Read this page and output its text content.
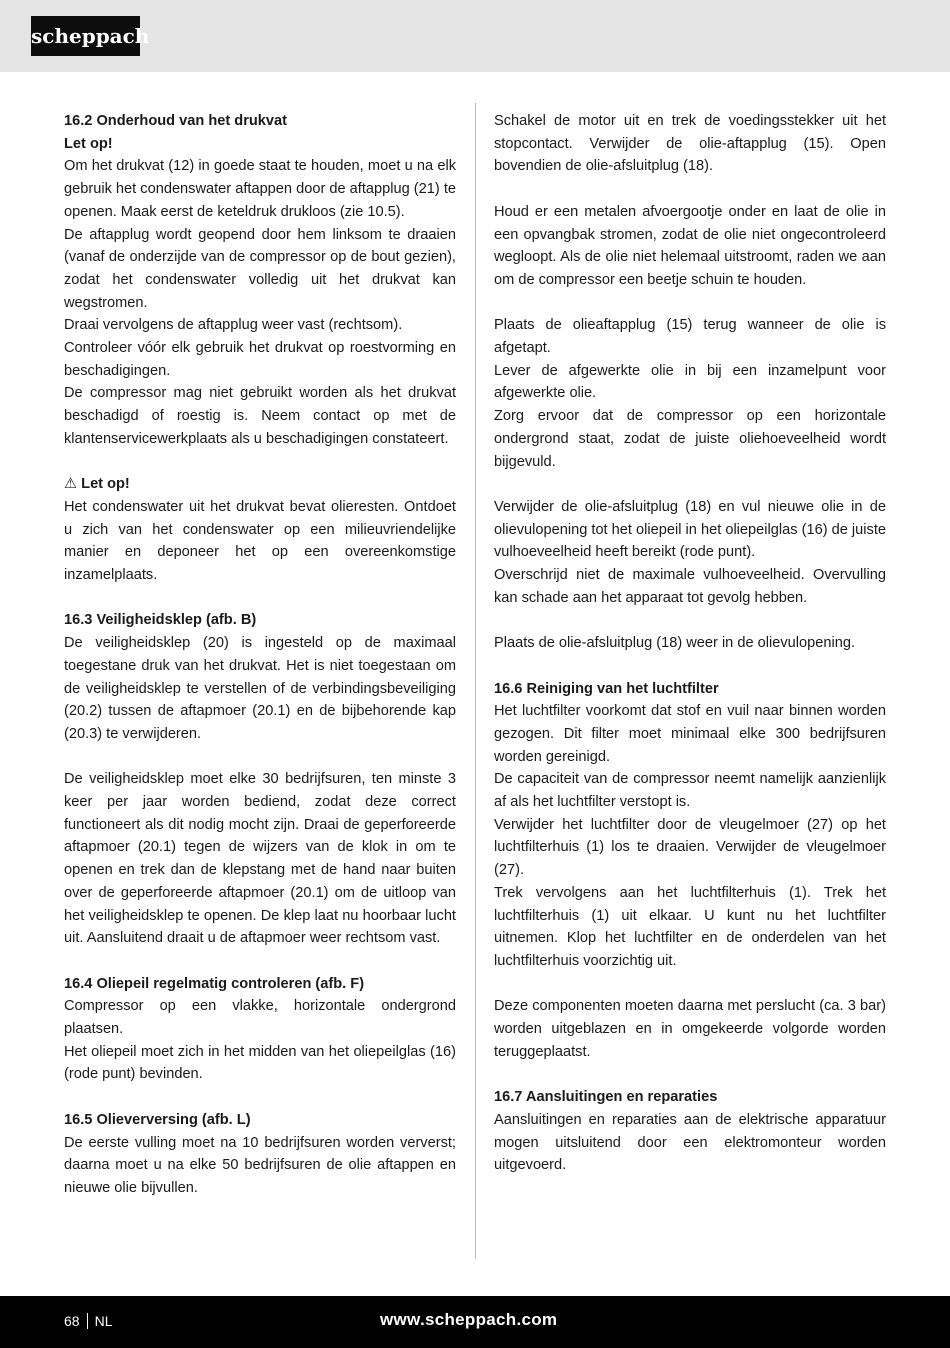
scheppach
16.2 Onderhoud van het drukvat
Let op!

Om het drukvat (12) in goede staat te houden, moet u na elk gebruik het condenswater aftappen door de aftapplug (21) te openen. Maak eerst de keteldruk drukloos (zie 10.5).

De aftapplug wordt geopend door hem linksom te draaien (vanaf de onderzijde van de compressor op de bout gezien), zodat het condenswater volledig uit het drukvat kan wegstromen.

Draai vervolgens de aftapplug weer vast (rechtsom).

Controleer vóór elk gebruik het drukvat op roestvorming en beschadigingen.

De compressor mag niet gebruikt worden als het drukvat beschadigd of roestig is. Neem contact op met de klantenservicewerkplaats als u beschadigingen constateert.

⚠ Let op!

Het condenswater uit het drukvat bevat olieresten. Ontdoet u zich van het condenswater op een milieuvriendelijke manier en deponeer het op een overeenkomstige inzamelplaats.

16.3 Veiligheidsklep (afb. B)

De veiligheidsklep (20) is ingesteld op de maximaal toegestane druk van het drukvat. Het is niet toegestaan om de veiligheidsklep te verstellen of de verbindingsbeveiliging (20.2) tussen de aftapmoer (20.1) en de bijbehorende kap (20.3) te verwijderen.

De veiligheidsklep moet elke 30 bedrijfsuren, ten minste 3 keer per jaar worden bediend, zodat deze correct functioneert als dit nodig mocht zijn. Draai de geperforeerde aftapmoer (20.1) tegen de wijzers van de klok in om te openen en trek dan de klepstang met de hand naar buiten over de geperforeerde aftapmoer (20.1) om de uitloop van het veiligheidsklep te openen. De klep laat nu hoorbaar lucht uit. Aansluitend draait u de aftapmoer weer rechtsom vast.

16.4 Oliepeil regelmatig controleren (afb. F)

Compressor op een vlakke, horizontale ondergrond plaatsen.

Het oliepeil moet zich in het midden van het oliepeilglas (16) (rode punt) bevinden.

16.5 Olieverversing (afb. L)

De eerste vulling moet na 10 bedrijfsuren worden ververst; daarna moet u na elke 50 bedrijfsuren de olie aftappen en nieuwe olie bijvullen.

Schakel de motor uit en trek de voedingsstekker uit het stopcontact. Verwijder de olie-aftapplug (15). Open bovendien de olie-afsluitplug (18).

Houd er een metalen afvoergootje onder en laat de olie in een opvangbak stromen, zodat de olie niet ongecontroleerd wegloopt. Als de olie niet helemaal uitstroomt, raden we aan om de compressor een beetje schuin te houden.

Plaats de olieaftapplug (15) terug wanneer de olie is afgetapt.

Lever de afgewerkte olie in bij een inzamelpunt voor afgewerkte olie.

Zorg ervoor dat de compressor op een horizontale ondergrond staat, zodat de juiste oliehoeveelheid wordt bijgevuld.

Verwijder de olie-afsluitplug (18) en vul nieuwe olie in de olievulopening tot het oliepeil in het oliepeilglas (16) de juiste vulhoeveelheid heeft bereikt (rode punt).

Overschrijd niet de maximale vulhoeveelheid. Overvulling kan schade aan het apparaat tot gevolg hebben.

Plaats de olie-afsluitplug (18) weer in de olievulopening.

16.6 Reiniging van het luchtfilter

Het luchtfilter voorkomt dat stof en vuil naar binnen worden gezogen. Dit filter moet minimaal elke 300 bedrijfsuren worden gereinigd.

De capaciteit van de compressor neemt namelijk aanzienlijk af als het luchtfilter verstopt is.

Verwijder het luchtfilter door de vleugelmoer (27) op het luchtfilterhuis (1) los te draaien. Verwijder de vleugelmoer (27).

Trek vervolgens aan het luchtfilterhuis (1). Trek het luchtfilterhuis (1) uit elkaar. U kunt nu het luchtfilter uitnemen. Klop het luchtfilter en de onderdelen van het luchtfilterhuis voorzichtig uit.

Deze componenten moeten daarna met perslucht (ca. 3 bar) worden uitgeblazen en in omgekeerde volgorde worden teruggeplaatst.

16.7 Aansluitingen en reparaties

Aansluitingen en reparaties aan de elektrische apparatuur mogen uitsluitend door een elektromonteur worden uitgevoerd.

68 NL	www.scheppach.com
